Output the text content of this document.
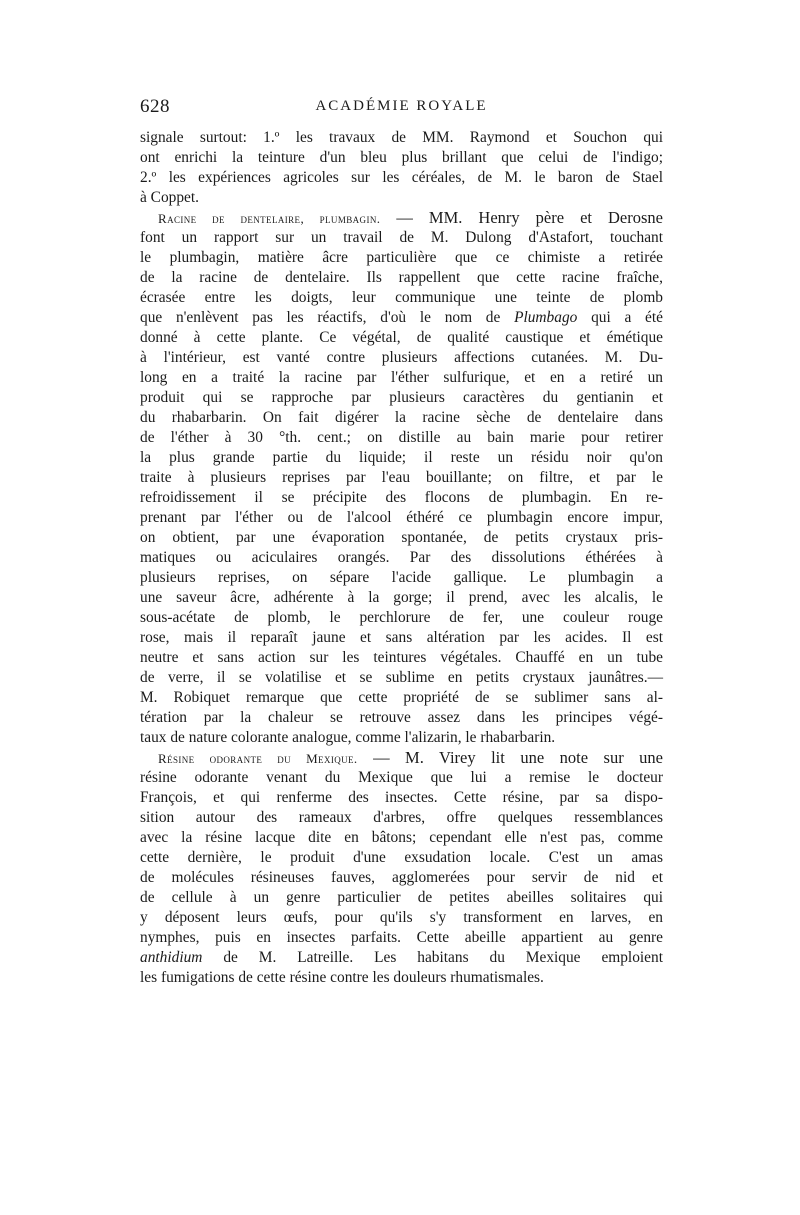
628	ACADÉMIE ROYALE
signale surtout: 1.º les travaux de MM. Raymond et Souchon qui
ont enrichi la teinture d'un bleu plus brillant que celui de l'indigo;
2.º les expériences agricoles sur les céréales, de M. le baron de Stael
à Coppet.
Racine de dentelaire, plumbagin. — MM. Henry père et Derosne
font un rapport sur un travail de M. Dulong d'Astafort, touchant
le plumbagin, matière âcre particulière que ce chimiste a retirée
de la racine de dentelaire. Ils rappellent que cette racine fraîche,
écrasée entre les doigts, leur communique une teinte de plomb
que n'enlèvent pas les réactifs, d'où le nom de Plumbago qui a été
donné à cette plante. Ce végétal, de qualité caustique et émétique
à l'intérieur, est vanté contre plusieurs affections cutanées. M. Du-
long en a traité la racine par l'éther sulfurique, et en a retiré un
produit qui se rapproche par plusieurs caractères du gentianin et
du rhabarbarin. On fait digérer la racine sèche de dentelaire dans
de l'éther à 30 °th. cent.; on distille au bain marie pour retirer
la plus grande partie du liquide; il reste un résidu noir qu'on
traite à plusieurs reprises par l'eau bouillante; on filtre, et par le
refroidissement il se précipite des flocons de plumbagin. En re-
prenant par l'éther ou de l'alcool éthéré ce plumbagin encore impur,
on obtient, par une évaporation spontanée, de petits crystaux pris-
matiques ou aciculaires orangés. Par des dissolutions éthérées à
plusieurs reprises, on sépare l'acide gallique. Le plumbagin a
une saveur âcre, adhérente à la gorge; il prend, avec les alcalis, le
sous-acétate de plomb, le perchlorure de fer, une couleur rouge
rose, mais il reparaît jaune et sans altération par les acides. Il est
neutre et sans action sur les teintures végétales. Chauffé en un tube
de verre, il se volatilise et se sublime en petits crystaux jaunâtres.—
M. Robiquet remarque que cette propriété de se sublimer sans al-
tération par la chaleur se retrouve assez dans les principes végé-
taux de nature colorante analogue, comme l'alizarin, le rhabarbarin.
Résine odorante du Mexique. — M. Virey lit une note sur une
résine odorante venant du Mexique que lui a remise le docteur
François, et qui renferme des insectes. Cette résine, par sa dispo-
sition autour des rameaux d'arbres, offre quelques ressemblances
avec la résine lacque dite en bâtons; cependant elle n'est pas, comme
cette dernière, le produit d'une exsudation locale. C'est un amas
de molécules résineuses fauves, agglomerées pour servir de nid et
de cellule à un genre particulier de petites abeilles solitaires qui
y déposent leurs œufs, pour qu'ils s'y transforment en larves, en
nymphes, puis en insectes parfaits. Cette abeille appartient au genre
anthidium de M. Latreille. Les habitans du Mexique emploient
les fumigations de cette résine contre les douleurs rhumatismales.
